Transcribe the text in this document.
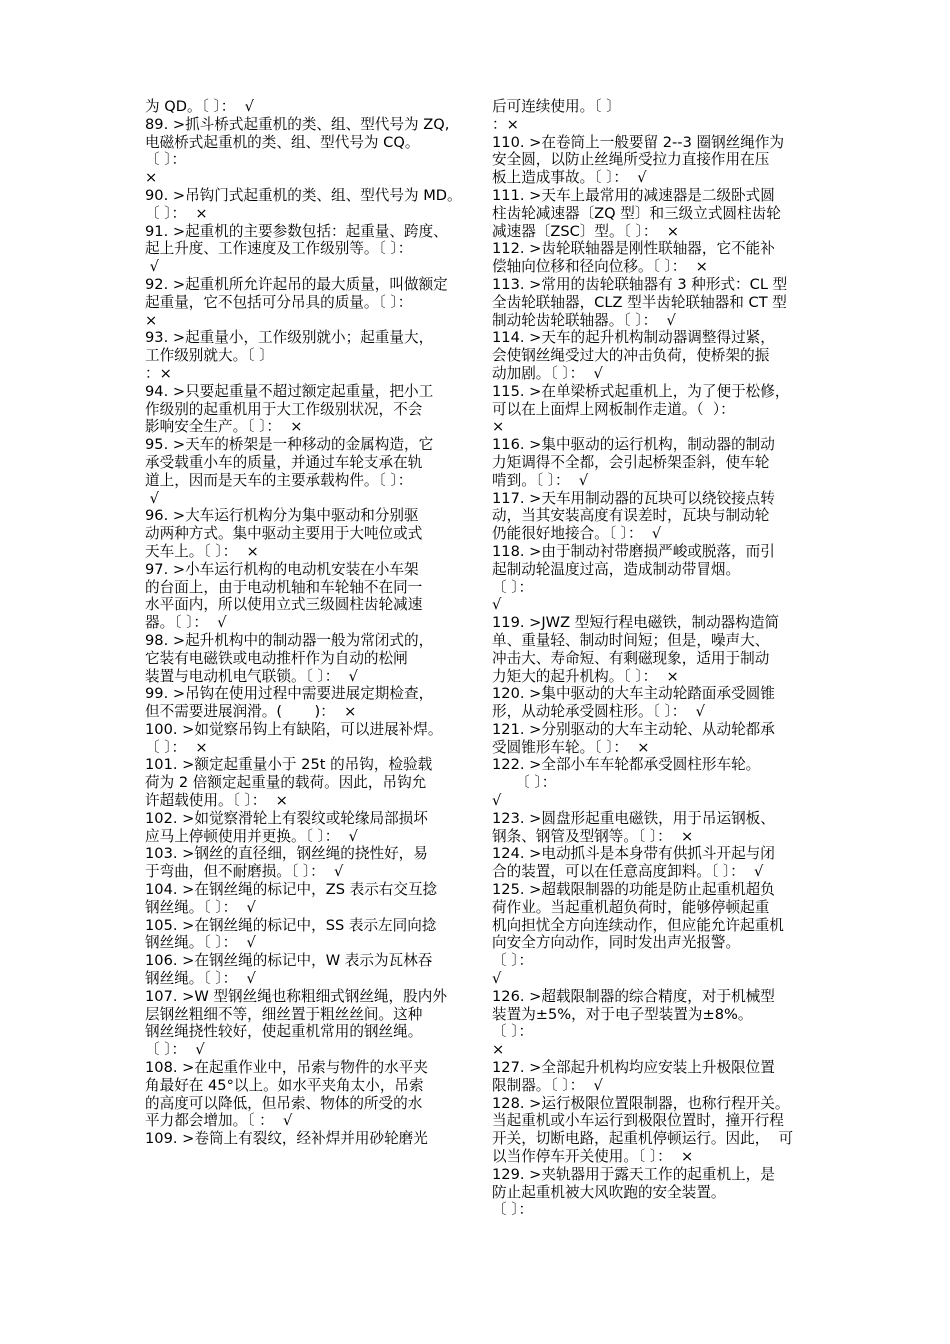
为 QD。〔 〕：  √
89. >抓斗桥式起重机的类、组、型代号为 ZQ,
电磁桥式起重机的类、组、型代号为 CQ。
〔 〕：
×
90. >吊钩门式起重机的类、组、型代号为 MD。
〔 〕：  ×
91. >起重机的主要参数包括：起重量、跨度、
起上升度、工作速度及工作级别等。〔 〕：
√
92. >起重机所允许起吊的最大质量，叫做额定
起重量，它不包括可分吊具的质量。〔 〕：
×
93. >起重量小，工作级别就小；起重量大，
工作级别就大。〔 〕
：×
94. >只要起重量不超过额定起重量，把小工
作级别的起重机用于大工作级别状况，不会
影响安全生产。〔 〕：  ×
95. >天车的桥架是一种移动的金属构造，它
承受载重小车的质量，并通过车轮支承在轨
道上，因而是天车的主要承载构件。〔 〕：
√
96. >大车运行机构分为集中驱动和分别驱
动两种方式。集中驱动主要用于大吨位或式
天车上。〔 〕：  ×
97. >小车运行机构的电动机安装在小车架
的台面上，由于电动机轴和车轮轴不在同一
水平面内，所以使用立式三级圆柱齿轮减速
器。〔 〕：  √
98. >起升机构中的制动器一般为常闭式的，
它装有电磁铁或电动推杆作为自动的松闸
装置与电动机电气联锁。〔 〕：  √
99. >吊钩在使用过程中需要进展定期检查，
但不需要进展润滑。(       )：  ×
100. >如觉察吊钩上有缺陷，可以进展补焊。
〔 〕：  ×
101. >额定起重量小于 25t 的吊钩，检验载
荷为 2 倍额定起重量的载荷。因此，吊钩允
许超载使用。〔 〕：  ×
102. >如觉察滑轮上有裂纹或轮缘局部损坏
应马上停顿使用并更换。〔 〕：  √
103. >钢丝的直径细，钢丝绳的挠性好，易
于弯曲，但不耐磨损。〔 〕：  √
104. >在钢丝绳的标记中，ZS 表示右交互捻
钢丝绳。〔 〕：  √
105. >在钢丝绳的标记中，SS 表示左同向捻
钢丝绳。〔 〕：  √
106. >在钢丝绳的标记中，W 表示为瓦林吞
钢丝绳。〔 〕：  √
107. >W 型钢丝绳也称粗细式钢丝绳，股内外
层钢丝粗细不等，细丝置于粗丝丝间。这种
钢丝绳挠性较好，使起重机常用的钢丝绳。
〔 〕：  √
108. >在起重作业中，吊索与物件的水平夹
角最好在 45°以上。如水平夹角太小，吊索
的高度可以降低，但吊索、物体的所受的水
平力都会增加。〔 ：  √
109. >卷筒上有裂纹，经补焊并用砂轮磨光
后可连续使用。〔 〕
：×
110. >在卷筒上一般要留 2--3 圈钢丝绳作为
安全圆，以防止丝绳所受拉力直接作用在压
板上造成事故。〔 〕：  √
111. >天车上最常用的减速器是二级卧式圆
柱齿轮减速器〔ZQ 型〕和三级立式圆柱齿轮
减速器〔ZSC〕型。〔 〕：  ×
112. >齿轮联轴器是刚性联轴器，它不能补
偿轴向位移和径向位移。〔 〕：  ×
113. >常用的齿轮联轴器有 3 种形式：CL 型
全齿轮联轴器，CLZ 型半齿轮联轴器和 CT 型
制动轮齿轮联轴器。〔 〕：  √
114. >天车的起升机构制动器调整得过紧，
会使钢丝绳受过大的冲击负荷，使桥架的振
动加剧。〔 〕：  √
115. >在单梁桥式起重机上，为了便于松修，
可以在上面焊上网板制作走道。（  ）：
×
116. >集中驱动的运行机构，制动器的制动
力矩调得不全都，会引起桥架歪斜，使车轮
啃到。〔 〕：  √
117. >天车用制动器的瓦块可以绕铰接点转
动，当其安装高度有误差时，瓦块与制动轮
仍能很好地接合。〔 〕：  √
118. >由于制动衬带磨损严峻或脱落，而引
起制动轮温度过高，造成制动带冒烟。
〔 〕：
√
119. >JWZ 型短行程电磁铁，制动器构造简
单、重量轻、制动时间短；但是，噪声大、
冲击大、寿命短、有剩磁现象，适用于制动
力矩大的起升机构。〔 〕：  ×
120. >集中驱动的大车主动轮踏面承受圆锥
形，从动轮承受圆柱形。〔 〕：  √
121. >分别驱动的大车主动轮、从动轮都承
受圆锥形车轮。〔 〕：  ×
122. >全部小车车轮都承受圆柱形车轮。
〔 〕：
√
123. >圆盘形起重电磁铁，用于吊运钢板、
钢条、钢管及型钢等。〔 〕：  ×
124. >电动抓斗是本身带有供抓斗开起与闭
合的装置，可以在任意高度卸料。〔 〕：  √
125. >超载限制器的功能是防止起重机超负
荷作业。当起重机超负荷时，能够停顿起重
机向担忧全方向连续动作，但应能允许起重机
向安全方向动作，同时发出声光报警。
〔 〕：
√
126. >超载限制器的综合精度，对于机械型
装置为±5%，对于电子型装置为±8%。
〔 〕：
×
127. >全部起升机构均应安装上升极限位置
限制器。〔 〕：  √
128. >运行极限位置限制器，也称行程开关。
当起重机或小车运行到极限位置时，撞开行程
开关，切断电路，起重机停顿运行。因此，  可
以当作停车开关使用。〔 〕：  ×
129. >夹轨器用于露天工作的起重机上，是
防止起重机被大风吹跑的安全装置。
〔 〕：
